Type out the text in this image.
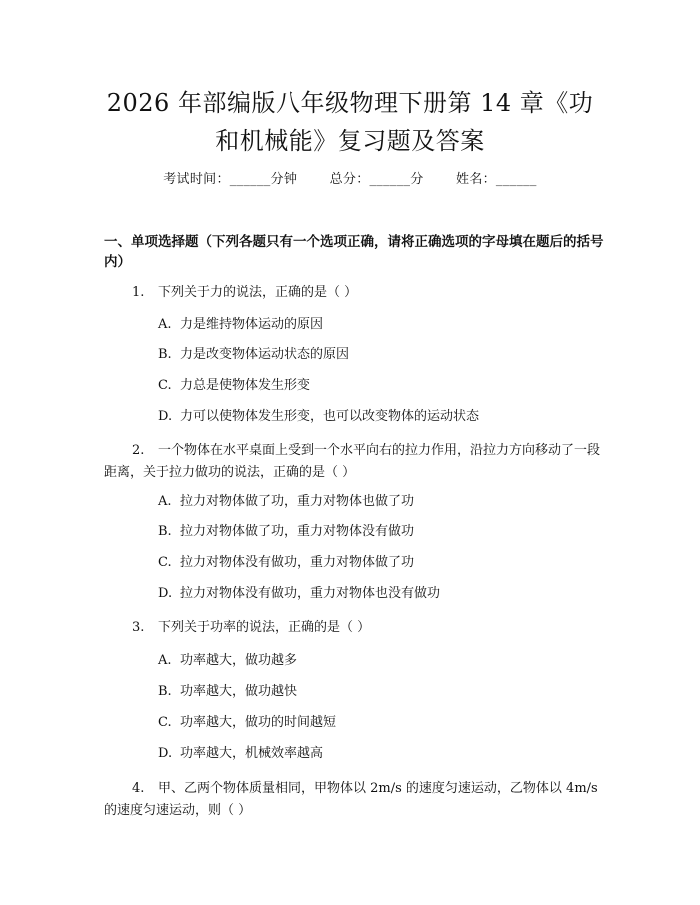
2026 年部编版八年级物理下册第 14 章《功
和机械能》复习题及答案
考试时间：______分钟 总分：______分 姓名：______
一、单项选择题（下列各题只有一个选项正确，请将正确选项的字母填在题后的括号内）
1. 下列关于力的说法，正确的是（ ）
A. 力是维持物体运动的原因
B. 力是改变物体运动状态的原因
C. 力总是使物体发生形变
D. 力可以使物体发生形变，也可以改变物体的运动状态
2. 一个物体在水平桌面上受到一个水平向右的拉力作用，沿拉力方向移动了一段距离，关于拉力做功的说法，正确的是（ ）
A. 拉力对物体做了功，重力对物体也做了功
B. 拉力对物体做了功，重力对物体没有做功
C. 拉力对物体没有做功，重力对物体做了功
D. 拉力对物体没有做功，重力对物体也没有做功
3. 下列关于功率的说法，正确的是（ ）
A. 功率越大，做功越多
B. 功率越大，做功越快
C. 功率越大，做功的时间越短
D. 功率越大，机械效率越高
4. 甲、乙两个物体质量相同，甲物体以 2m/s 的速度匀速运动，乙物体以 4m/s 的速度匀速运动，则（ ）
